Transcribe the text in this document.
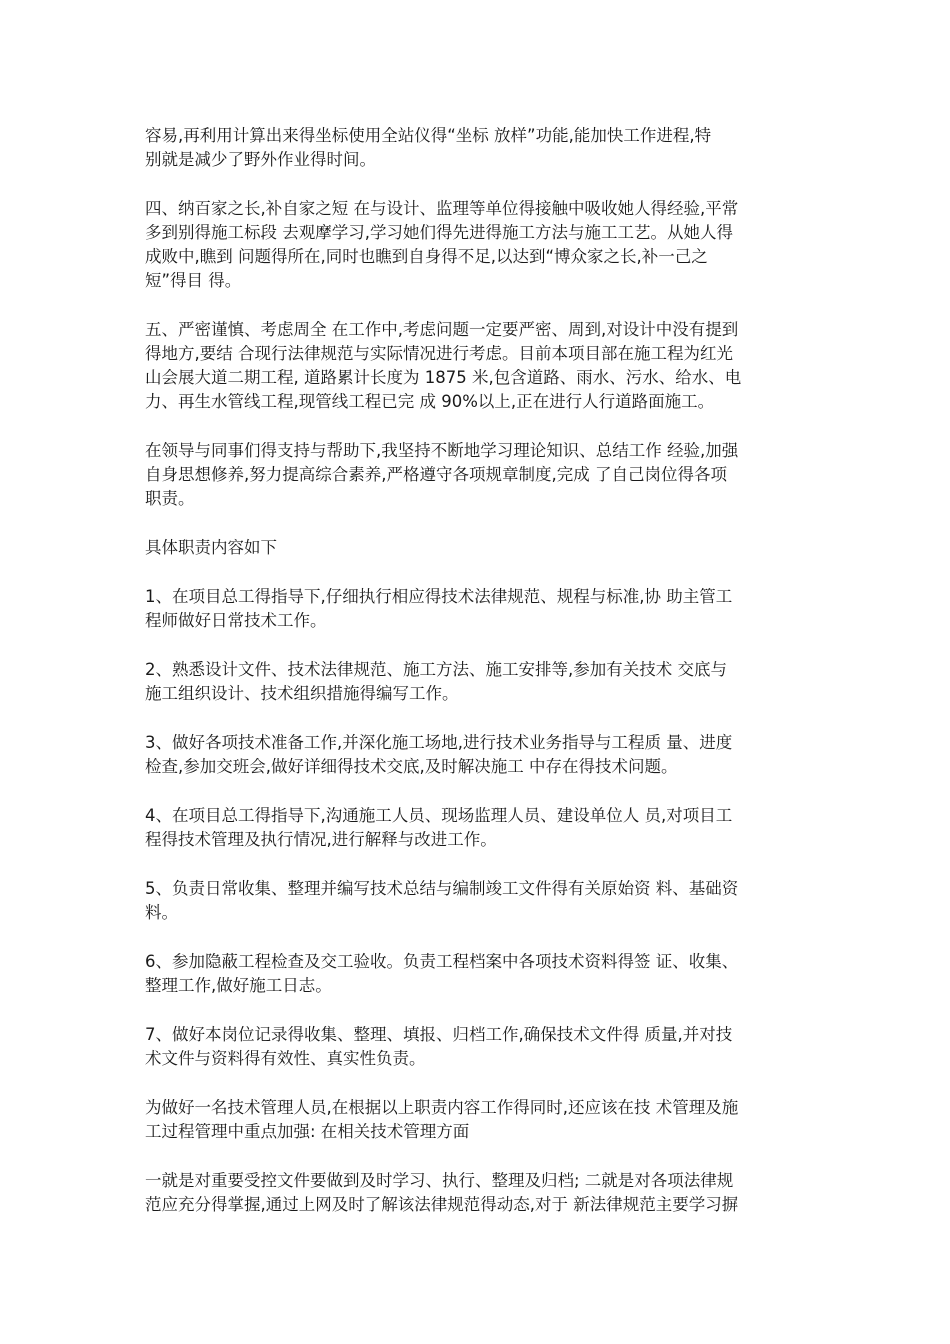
容易,再利用计算出来得坐标使用全站仪得“坐标 放样”功能,能加快工作进程,特
别就是减少了野外作业得时间。

四、纳百家之长,补自家之短 在与设计、监理等单位得接触中吸收她人得经验,平常
多到别得施工标段 去观摩学习,学习她们得先进得施工方法与施工工艺。从她人得
成败中,瞧到 问题得所在,同时也瞧到自身得不足,以达到“博众家之长,补一己之
短”得目 得。

五、严密谨慎、考虑周全 在工作中,考虑问题一定要严密、周到,对设计中没有提到
得地方,要结 合现行法律规范与实际情况进行考虑。目前本项目部在施工程为红光
山会展大道二期工程, 道路累计长度为 1875 米,包含道路、雨水、污水、给水、电
力、再生水管线工程,现管线工程已完 成 90%以上,正在进行人行道路面施工。

在领导与同事们得支持与帮助下,我坚持不断地学习理论知识、总结工作 经验,加强
自身思想修养,努力提高综合素养,严格遵守各项规章制度,完成 了自己岗位得各项
职责。

具体职责内容如下

1、在项目总工得指导下,仔细执行相应得技术法律规范、规程与标准,协 助主管工
程师做好日常技术工作。

2、熟悉设计文件、技术法律规范、施工方法、施工安排等,参加有关技术 交底与
施工组织设计、技术组织措施得编写工作。

3、做好各项技术准备工作,并深化施工场地,进行技术业务指导与工程质 量、进度
检查,参加交班会,做好详细得技术交底,及时解决施工 中存在得技术问题。

4、在项目总工得指导下,沟通施工人员、现场监理人员、建设单位人 员,对项目工
程得技术管理及执行情况,进行解释与改进工作。

5、负责日常收集、整理并编写技术总结与编制竣工文件得有关原始资 料、基础资
料。

6、参加隐蔽工程检查及交工验收。负责工程档案中各项技术资料得签 证、收集、
整理工作,做好施工日志。

7、做好本岗位记录得收集、整理、填报、归档工作,确保技术文件得 质量,并对技
术文件与资料得有效性、真实性负责。

为做好一名技术管理人员,在根据以上职责内容工作得同时,还应该在技 术管理及施
工过程管理中重点加强: 在相关技术管理方面

一就是对重要受控文件要做到及时学习、执行、整理及归档; 二就是对各项法律规
范应充分得掌握,通过上网及时了解该法律规范得动态,对于 新法律规范主要学习摒
